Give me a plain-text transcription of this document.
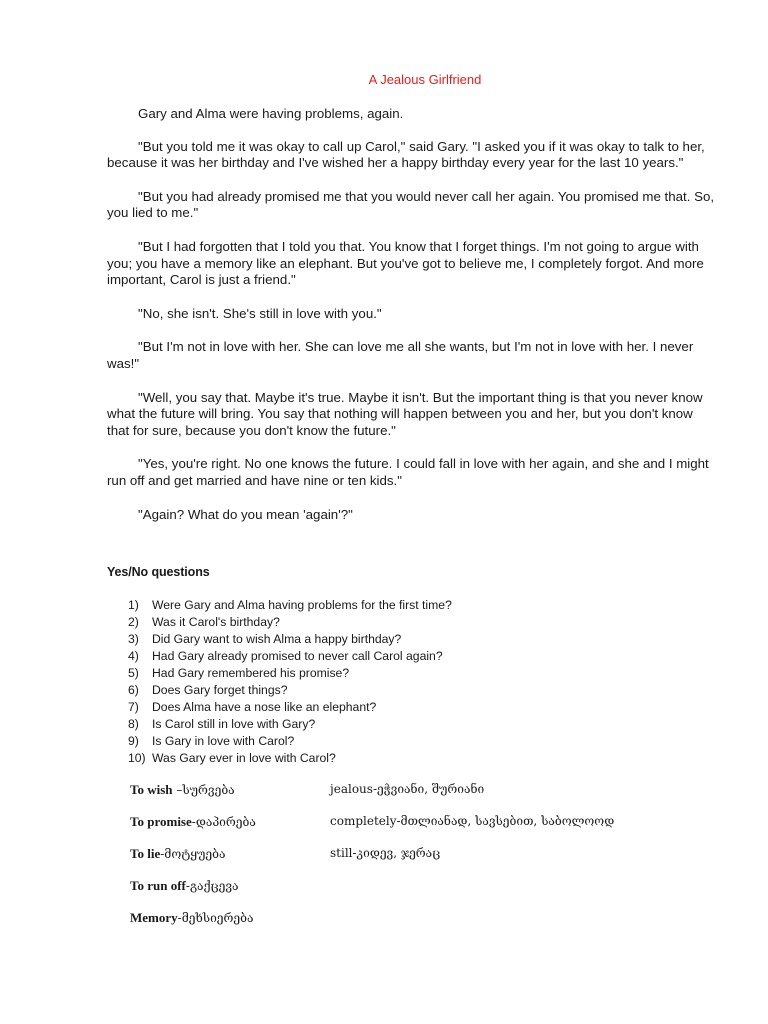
A Jealous Girlfriend

Gary and Alma were having problems, again.

"But you told me it was okay to call up Carol," said Gary. "I asked you if it was okay to talk to her, because it was her birthday and I've wished her a happy birthday every year for the last 10 years."

"But you had already promised me that you would never call her again. You promised me that. So, you lied to me."

"But I had forgotten that I told you that. You know that I forget things. I'm not going to argue with you; you have a memory like an elephant. But you've got to believe me, I completely forgot. And more important, Carol is just a friend."

"No, she isn't. She's still in love with you."

"But I'm not in love with her. She can love me all she wants, but I'm not in love with her. I never was!"

"Well, you say that. Maybe it's true. Maybe it isn't. But the important thing is that you never know what the future will bring. You say that nothing will happen between you and her, but you don't know that for sure, because you don't know the future."

"Yes, you're right. No one knows the future. I could fall in love with her again, and she and I might run off and get married and have nine or ten kids."

"Again? What do you mean 'again'?"

Yes/No questions
1)	Were Gary and Alma having problems for the first time?
2)	Was it Carol's birthday?
3)	Did Gary want to wish Alma a happy birthday?
4)	Had Gary already promised to never call Carol again?
5)	Had Gary remembered his promise?
6)	Does Gary forget things?
7)	Does Alma have a nose like an elephant?
8)	Is Carol still in love with Gary?
9)	Is Gary in love with Carol?
10) Was Gary ever in love with Carol?
To wish –სურვება	jealous-ეჭვიანი, შურიანი
To promise-დაპირება	completely-მთლიანად, სავსებით, საბოლოოდ
To lie-მოტყუება	still-კიდევ, ჯერაც
To run off-გაქცევა
Memory-მეხსიერება
